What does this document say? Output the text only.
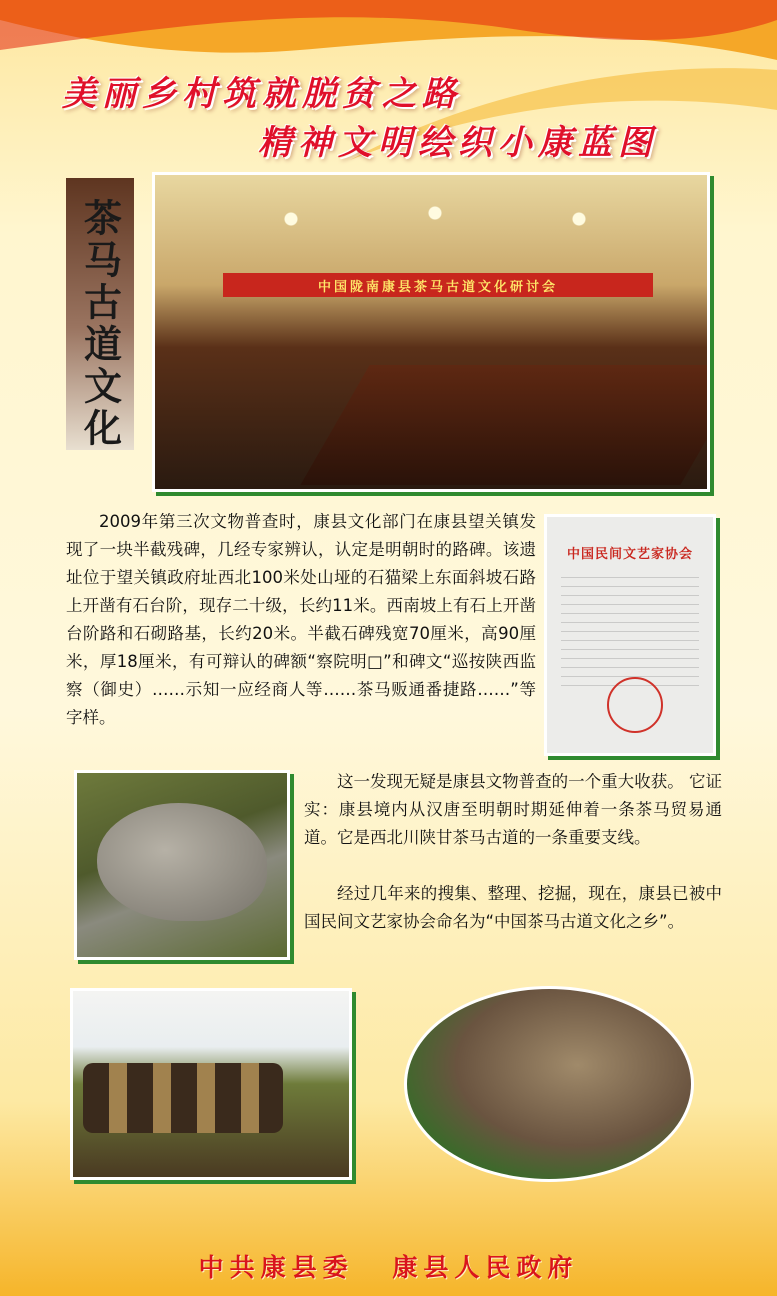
美丽乡村筑就脱贫之路
精神文明绘织小康蓝图
茶马古道文化	中国陇南康县茶马古道文化研讨会
2009年第三次文物普查时，康县文化部门在康县望关镇发现了一块半截残碑，几经专家辨认，认定是明朝时的路碑。该遗址位于望关镇政府址西北100米处山垭的石猫梁上东面斜坡石路上开凿有石台阶，现存二十级，长约11米。西南坡上有石上开凿台阶路和石砌路基，长约20米。半截石碑残宽70厘米，高90厘米，厚18厘米，有可辩认的碑额“察院明□”和碑文“巡按陕西监察（御史）……示知一应经商人等……茶马贩通番捷路……”等字样。
中国民间文艺家协会
这一发现无疑是康县文物普查的一个重大收获。 它证实：康县境内从汉唐至明朝时期延伸着一条茶马贸易通道。它是西北川陕甘茶马古道的一条重要支线。
经过几年来的搜集、整理、挖掘，现在，康县已被中国民间文艺家协会命名为“中国茶马古道文化之乡”。
中共康县委 康县人民政府
